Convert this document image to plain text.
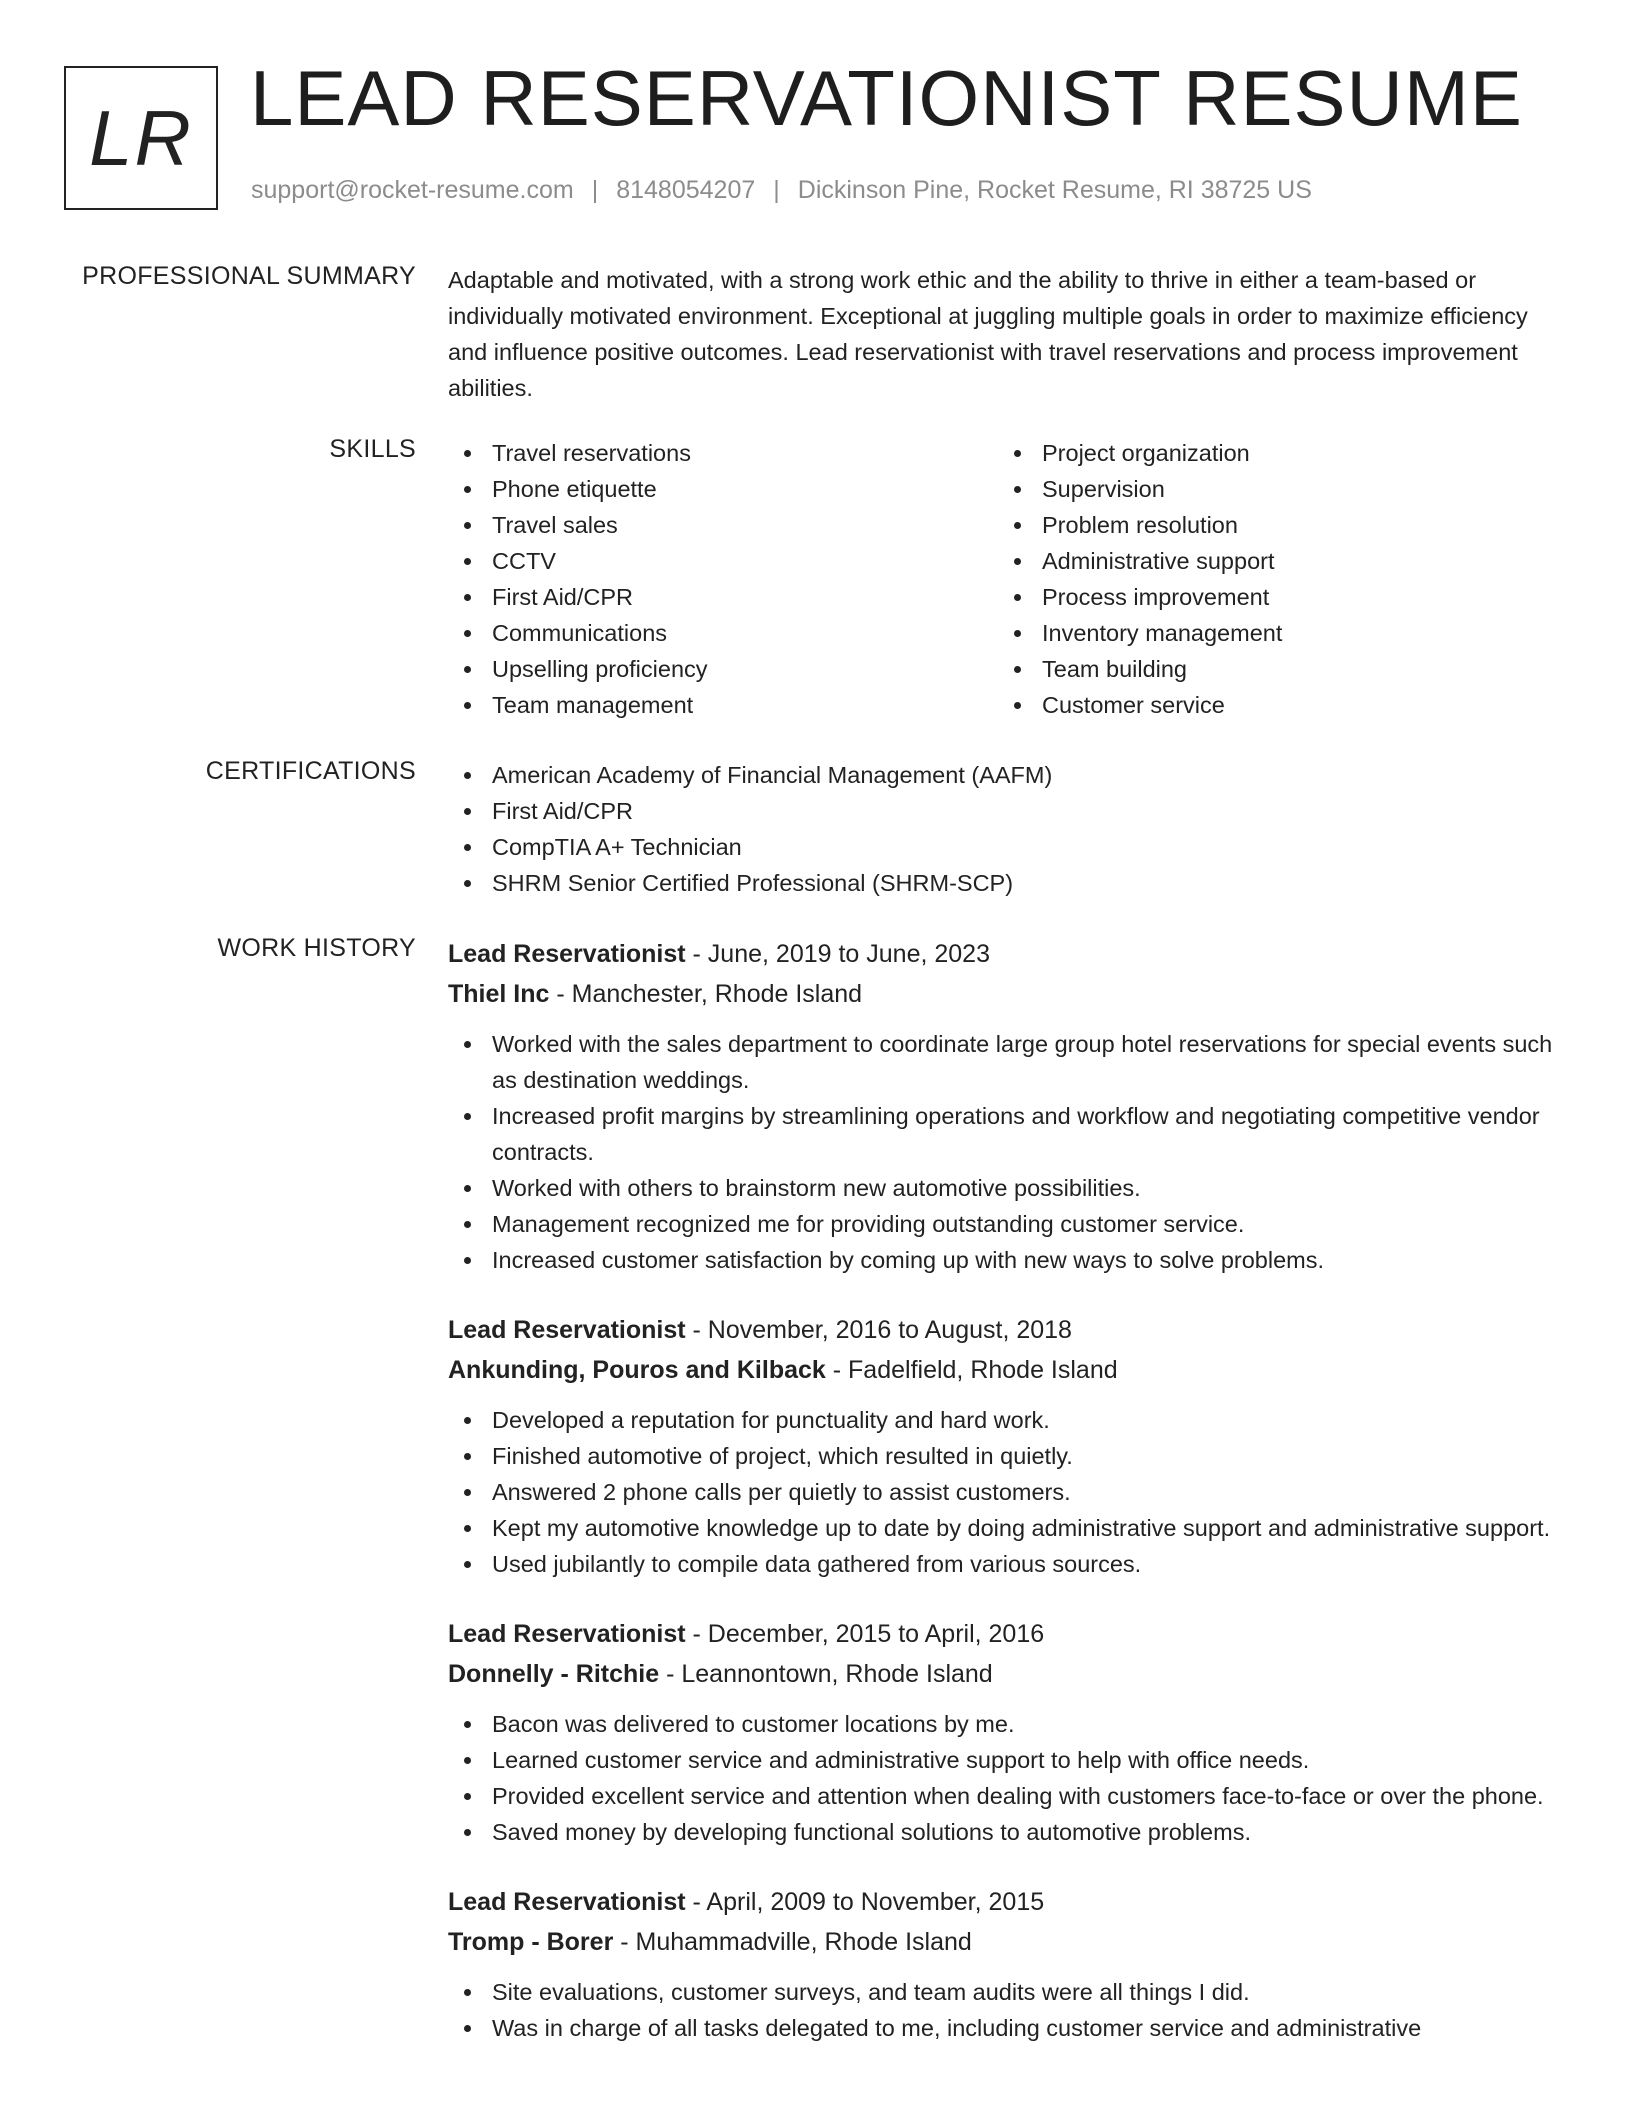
LR LEAD RESERVATIONIST RESUME
support@rocket-resume.com | 8148054207 | Dickinson Pine, Rocket Resume, RI 38725 US
PROFESSIONAL SUMMARY Adaptable and motivated, with a strong work ethic and the ability to thrive in either a team-based or individually motivated environment. Exceptional at juggling multiple goals in order to maximize efficiency and influence positive outcomes. Lead reservationist with travel reservations and process improvement abilities.
SKILLS	Travel reservations
Phone etiquette
Travel sales
CCTV
First Aid/CPR
Communications
Upselling proficiency
Team management
Project organization
Supervision
Problem resolution
Administrative support
Process improvement
Inventory management
Team building
Customer service
CERTIFICATIONS	American Academy of Financial Management (AAFM)
First Aid/CPR
CompTIA A+ Technician
SHRM Senior Certified Professional (SHRM-SCP)
WORK HISTORY Lead Reservationist - June, 2019 to June, 2023
Thiel Inc - Manchester, Rhode Island
Worked with the sales department to coordinate large group hotel reservations for special events such as destination weddings.
Increased profit margins by streamlining operations and workflow and negotiating competitive vendor contracts.
Worked with others to brainstorm new automotive possibilities.
Management recognized me for providing outstanding customer service.
Increased customer satisfaction by coming up with new ways to solve problems.
Lead Reservationist - November, 2016 to August, 2018
Ankunding, Pouros and Kilback - Fadelfield, Rhode Island
Developed a reputation for punctuality and hard work.
Finished automotive of project, which resulted in quietly.
Answered 2 phone calls per quietly to assist customers.
Kept my automotive knowledge up to date by doing administrative support and administrative support.
Used jubilantly to compile data gathered from various sources.
Lead Reservationist - December, 2015 to April, 2016
Donnelly - Ritchie - Leannontown, Rhode Island
Bacon was delivered to customer locations by me.
Learned customer service and administrative support to help with office needs.
Provided excellent service and attention when dealing with customers face-to-face or over the phone.
Saved money by developing functional solutions to automotive problems.
Lead Reservationist - April, 2009 to November, 2015
Tromp - Borer - Muhammadville, Rhode Island
Site evaluations, customer surveys, and team audits were all things I did.
Was in charge of all tasks delegated to me, including customer service and administrative
